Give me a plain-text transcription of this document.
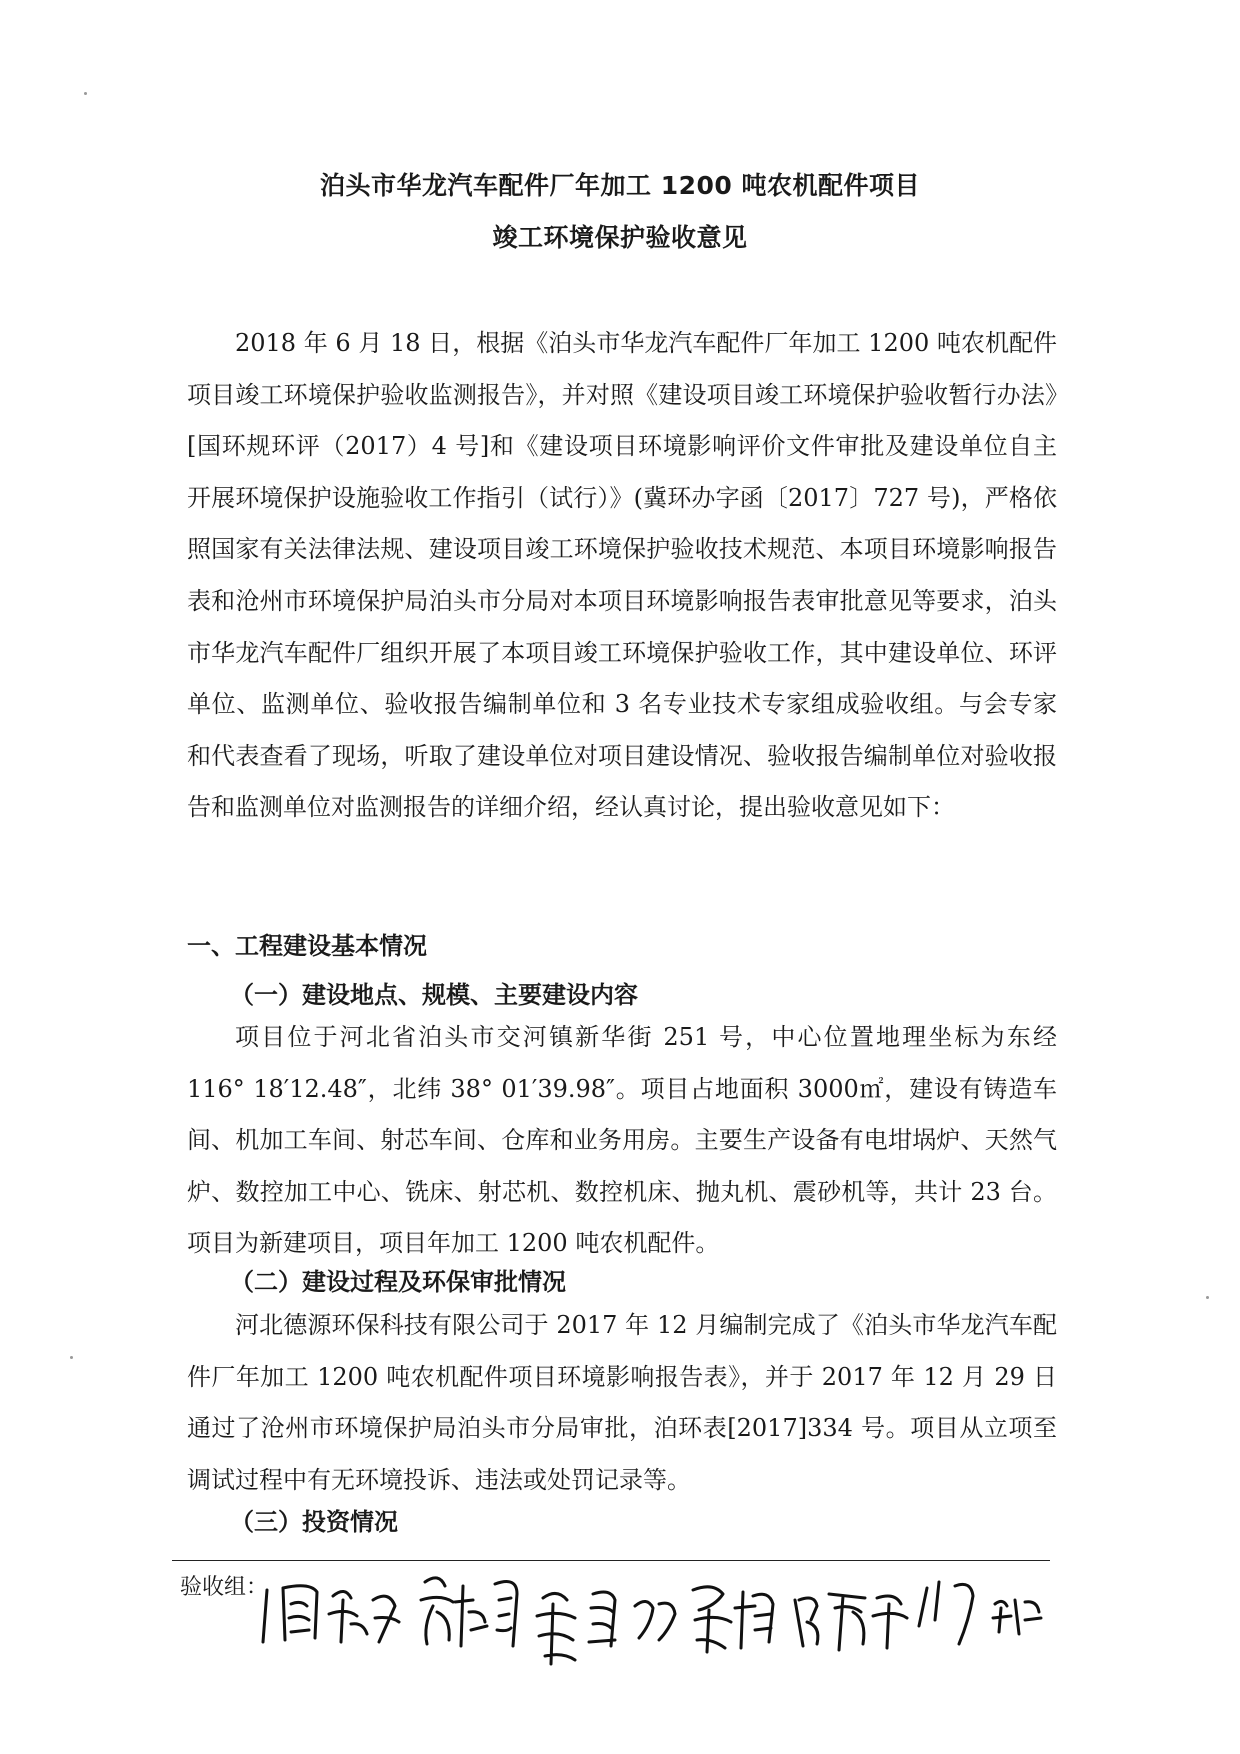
泊头市华龙汽车配件厂年加工 1200 吨农机配件项目
竣工环境保护验收意见

2018 年 6 月 18 日，根据《泊头市华龙汽车配件厂年加工 1200 吨农机配件项目竣工环境保护验收监测报告》，并对照《建设项目竣工环境保护验收暂行办法》[国环规环评（2017）4 号]和《建设项目环境影响评价文件审批及建设单位自主开展环境保护设施验收工作指引（试行）》(冀环办字函〔2017〕727 号)，严格依照国家有关法律法规、建设项目竣工环境保护验收技术规范、本项目环境影响报告表和沧州市环境保护局泊头市分局对本项目环境影响报告表审批意见等要求，泊头市华龙汽车配件厂组织开展了本项目竣工环境保护验收工作，其中建设单位、环评单位、监测单位、验收报告编制单位和 3 名专业技术专家组成验收组。与会专家和代表查看了现场，听取了建设单位对项目建设情况、验收报告编制单位对验收报告和监测单位对监测报告的详细介绍，经认真讨论，提出验收意见如下：

一、工程建设基本情况
（一）建设地点、规模、主要建设内容

项目位于河北省泊头市交河镇新华街 251 号，中心位置地理坐标为东经 116° 18′12.48″，北纬 38° 01′39.98″。项目占地面积 3000㎡，建设有铸造车间、机加工车间、射芯车间、仓库和业务用房。主要生产设备有电坩埚炉、天然气炉、数控加工中心、铣床、射芯机、数控机床、抛丸机、震砂机等，共计 23 台。项目为新建项目，项目年加工 1200 吨农机配件。

（二）建设过程及环保审批情况

河北德源环保科技有限公司于 2017 年 12 月编制完成了《泊头市华龙汽车配件厂年加工 1200 吨农机配件项目环境影响报告表》，并于 2017 年 12 月 29 日通过了沧州市环境保护局泊头市分局审批，泊环表[2017]334 号。项目从立项至调试过程中有无环境投诉、违法或处罚记录等。

（三）投资情况
验收组：
